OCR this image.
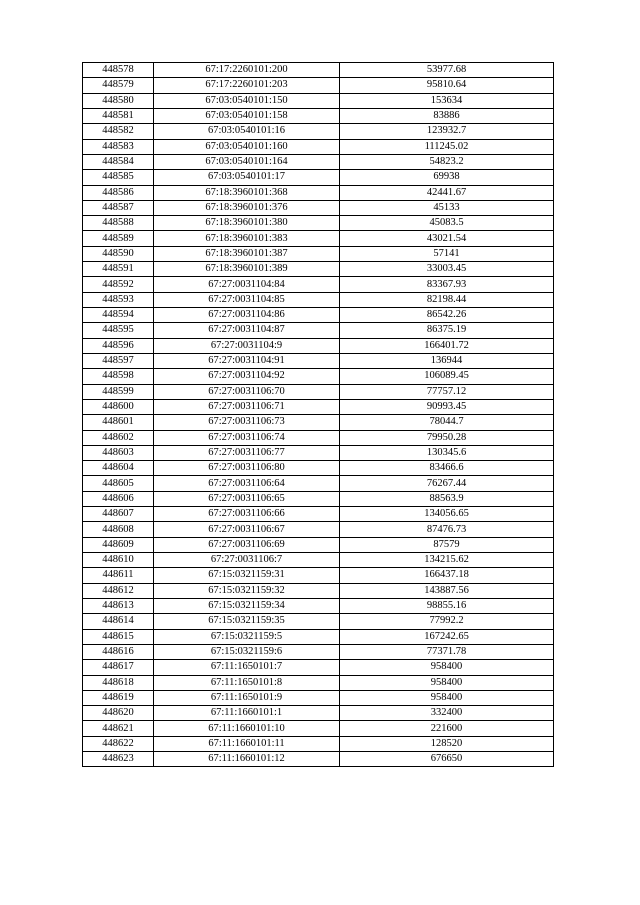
448578	67:17:2260101:200	53977.68
448579	67:17:2260101:203	95810.64
448580	67:03:0540101:150	153634
448581	67:03:0540101:158	83886
448582	67:03:0540101:16	123932.7
448583	67:03:0540101:160	111245.02
448584	67:03:0540101:164	54823.2
448585	67:03:0540101:17	69938
448586	67:18:3960101:368	42441.67
448587	67:18:3960101:376	45133
448588	67:18:3960101:380	45083.5
448589	67:18:3960101:383	43021.54
448590	67:18:3960101:387	57141
448591	67:18:3960101:389	33003.45
448592	67:27:0031104:84	83367.93
448593	67:27:0031104:85	82198.44
448594	67:27:0031104:86	86542.26
448595	67:27:0031104:87	86375.19
448596	67:27:0031104:9	166401.72
448597	67:27:0031104:91	136944
448598	67:27:0031104:92	106089.45
448599	67:27:0031106:70	77757.12
448600	67:27:0031106:71	90993.45
448601	67:27:0031106:73	78044.7
448602	67:27:0031106:74	79950.28
448603	67:27:0031106:77	130345.6
448604	67:27:0031106:80	83466.6
448605	67:27:0031106:64	76267.44
448606	67:27:0031106:65	88563.9
448607	67:27:0031106:66	134056.65
448608	67:27:0031106:67	87476.73
448609	67:27:0031106:69	87579
448610	67:27:0031106:7	134215.62
448611	67:15:0321159:31	166437.18
448612	67:15:0321159:32	143887.56
448613	67:15:0321159:34	98855.16
448614	67:15:0321159:35	77992.2
448615	67:15:0321159:5	167242.65
448616	67:15:0321159:6	77371.78
448617	67:11:1650101:7	958400
448618	67:11:1650101:8	958400
448619	67:11:1650101:9	958400
448620	67:11:1660101:1	332400
448621	67:11:1660101:10	221600
448622	67:11:1660101:11	128520
448623	67:11:1660101:12	676650
